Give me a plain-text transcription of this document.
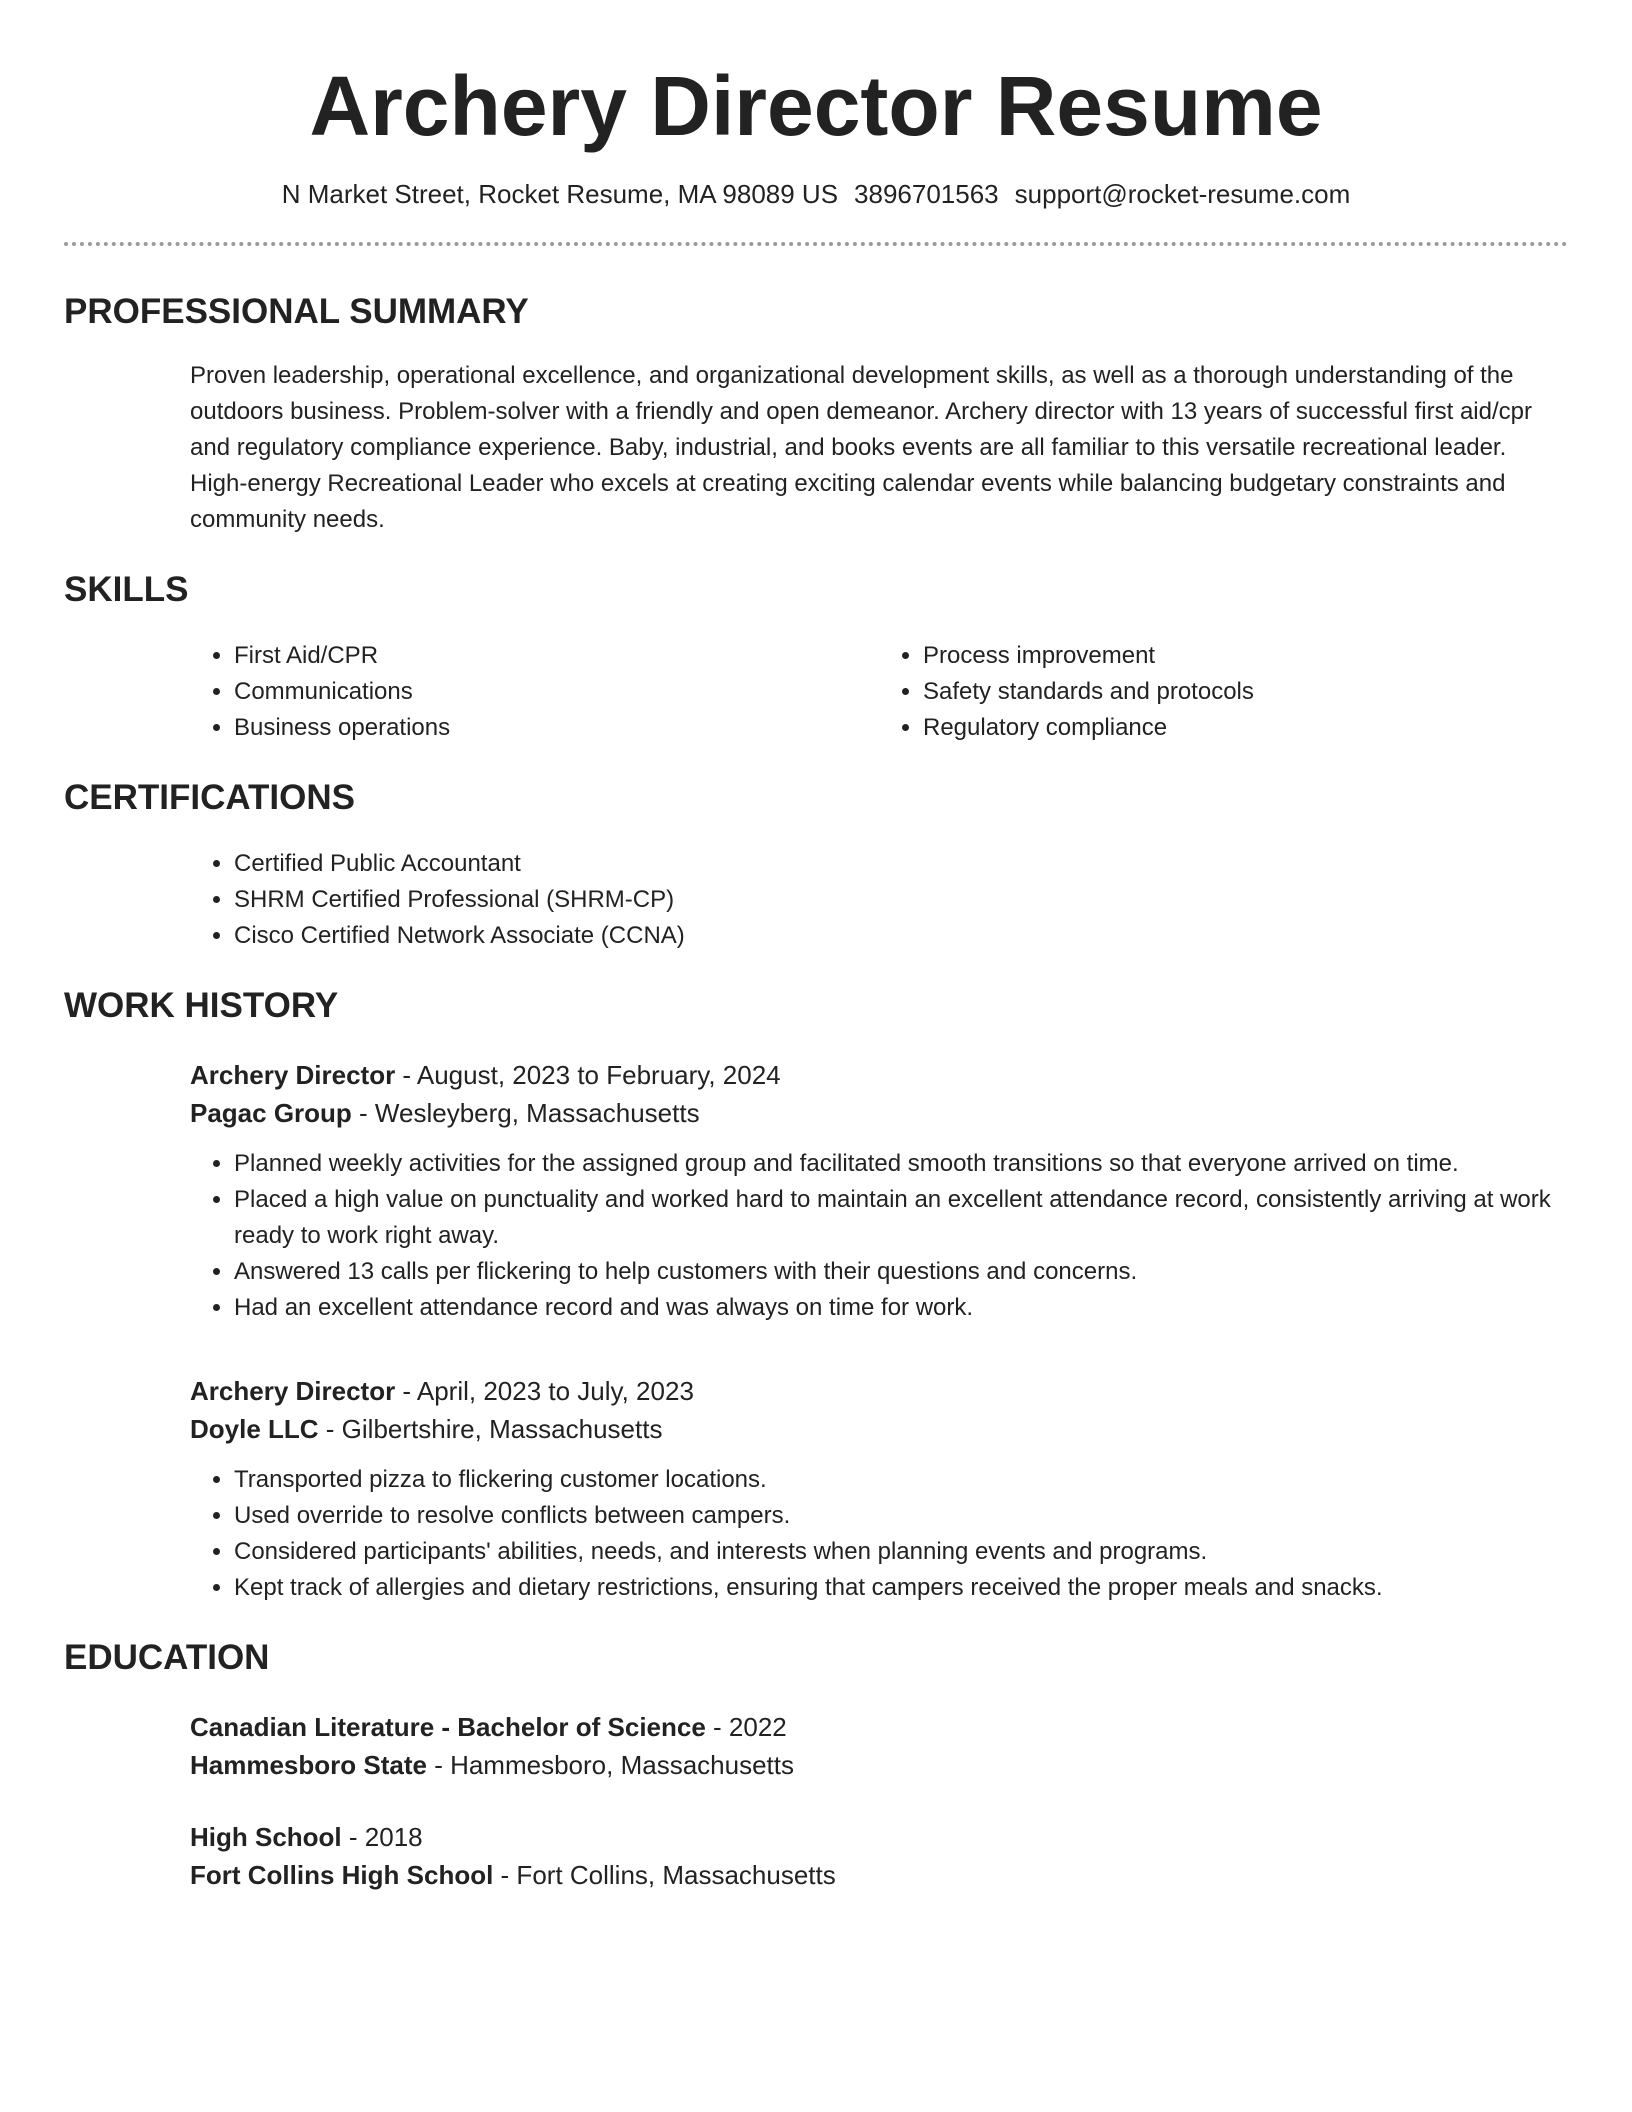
Archery Director Resume
N Market Street, Rocket Resume, MA 98089 US 3896701563 support@rocket-resume.com
PROFESSIONAL SUMMARY

Proven leadership, operational excellence, and organizational development skills, as well as a thorough understanding of the outdoors business. Problem-solver with a friendly and open demeanor. Archery director with 13 years of successful first aid/cpr and regulatory compliance experience. Baby, industrial, and books events are all familiar to this versatile recreational leader. High-energy Recreational Leader who excels at creating exciting calendar events while balancing budgetary constraints and community needs.

SKILLS
• First Aid/CPR
• Communications
• Business operations
• Process improvement
• Safety standards and protocols
• Regulatory compliance
CERTIFICATIONS
• Certified Public Accountant
• SHRM Certified Professional (SHRM-CP)
• Cisco Certified Network Associate (CCNA)
WORK HISTORY
Archery Director - August, 2023 to February, 2024
Pagac Group - Wesleyberg, Massachusetts
• Planned weekly activities for the assigned group and facilitated smooth transitions so that everyone arrived on time.
• Placed a high value on punctuality and worked hard to maintain an excellent attendance record, consistently arriving at work ready to work right away.
• Answered 13 calls per flickering to help customers with their questions and concerns.
• Had an excellent attendance record and was always on time for work.
Archery Director - April, 2023 to July, 2023
Doyle LLC - Gilbertshire, Massachusetts
• Transported pizza to flickering customer locations.
• Used override to resolve conflicts between campers.
• Considered participants' abilities, needs, and interests when planning events and programs.
• Kept track of allergies and dietary restrictions, ensuring that campers received the proper meals and snacks.
EDUCATION
Canadian Literature - Bachelor of Science - 2022
Hammesboro State - Hammesboro, Massachusetts
High School - 2018
Fort Collins High School - Fort Collins, Massachusetts
